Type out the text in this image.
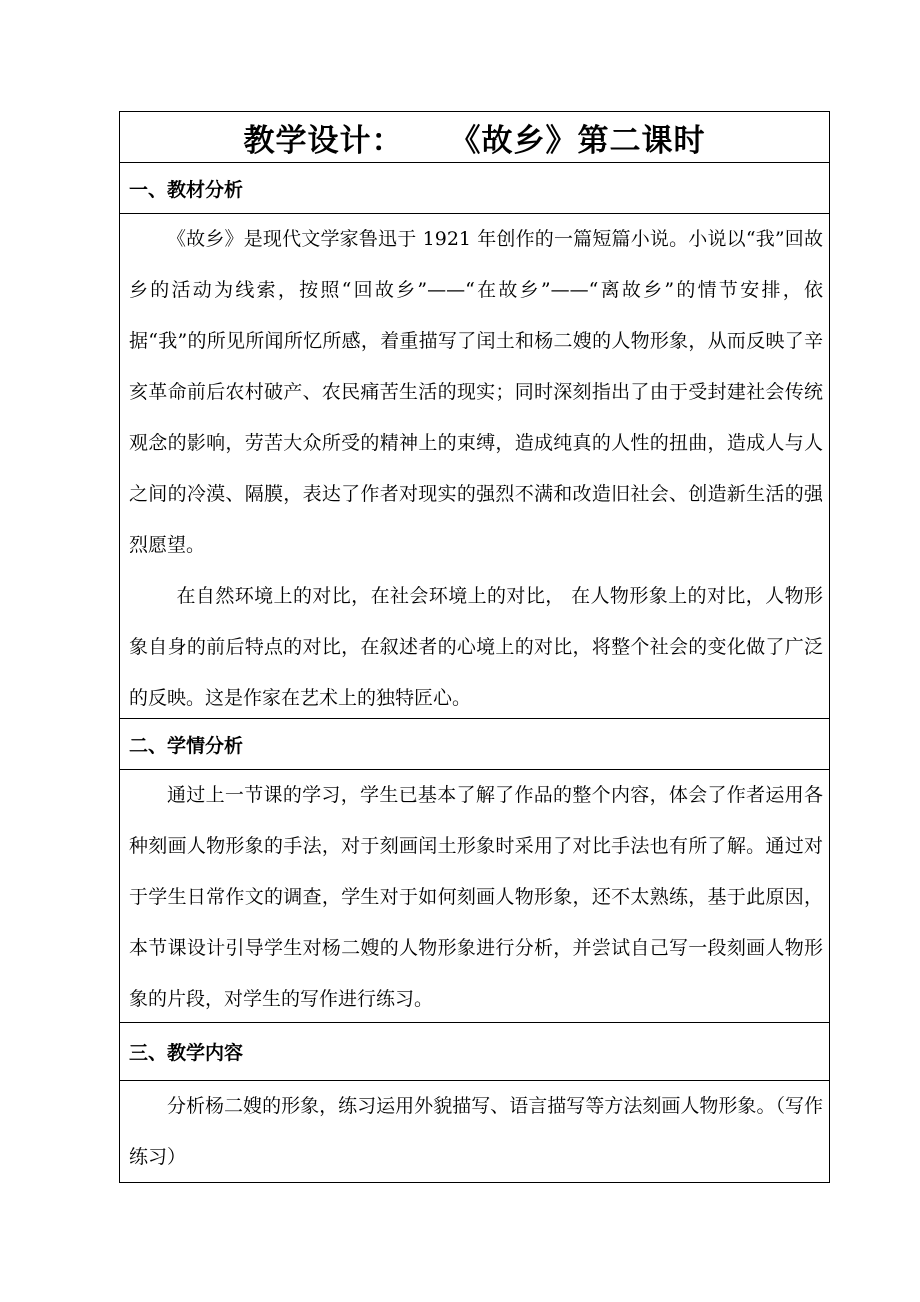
教学设计： 《故乡》第二课时
一、教材分析

《故乡》是现代文学家鲁迅于 1921 年创作的一篇短篇小说。小说以“我”回故乡的活动为线索，按照“回故乡”——“在故乡”——“离故乡”的情节安排，依据“我”的所见所闻所忆所感，着重描写了闰土和杨二嫂的人物形象，从而反映了辛亥革命前后农村破产、农民痛苦生活的现实；同时深刻指出了由于受封建社会传统观念的影响，劳苦大众所受的精神上的束缚，造成纯真的人性的扭曲，造成人与人之间的冷漠、隔膜，表达了作者对现实的强烈不满和改造旧社会、创造新生活的强烈愿望。

在自然环境上的对比，在社会环境上的对比， 在人物形象上的对比，人物形象自身的前后特点的对比，在叙述者的心境上的对比，将整个社会的变化做了广泛的反映。这是作家在艺术上的独特匠心。

二、学情分析

通过上一节课的学习，学生已基本了解了作品的整个内容，体会了作者运用各种刻画人物形象的手法，对于刻画闰土形象时采用了对比手法也有所了解。通过对于学生日常作文的调查，学生对于如何刻画人物形象，还不太熟练，基于此原因，本节课设计引导学生对杨二嫂的人物形象进行分析，并尝试自己写一段刻画人物形象的片段，对学生的写作进行练习。

三、教学内容

分析杨二嫂的形象，练习运用外貌描写、语言描写等方法刻画人物形象。（写作练习）
